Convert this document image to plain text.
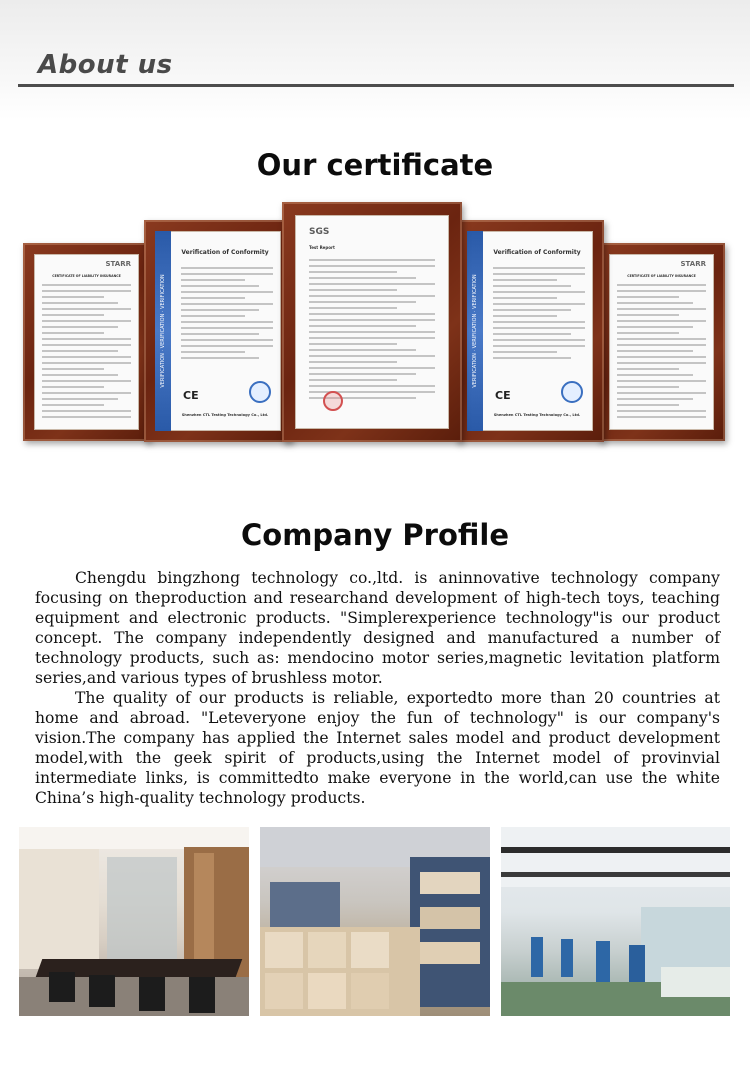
About us
Our certificate
STARR
CERTIFICATE OF LIABILITY INSURANCE
STARR
CERTIFICATE OF LIABILITY INSURANCE
VERIFICATION · VERIFICATION · VERIFICATION
Verification of Conformity
CE
Shenzhen CTL Testing Technology Co., Ltd.
VERIFICATION · VERIFICATION · VERIFICATION
Verification of Conformity
CE
Shenzhen CTL Testing Technology Co., Ltd.
SGS
Test Report
Company Profile

Chengdu bingzhong technology co.,ltd. is aninnovative technology company focusing on theproduction and researchand development of high-tech toys, teaching equipment and electronic products. "Simplerexperience technology"is our product concept. The company independently designed and manufactured a number of technology products, such as: mendocino motor series,magnetic levitation platform series,and various types of brushless motor.

The quality of our products is reliable, exportedto more than 20 countries at home and abroad. "Leteveryone enjoy the fun of technology" is our company's vision.The company has applied the Internet sales model and product development model,with the geek spirit of products,using the Internet model of provinvial intermediate links, is committedto make everyone in the world,can use the white China’s high-quality technology products.
